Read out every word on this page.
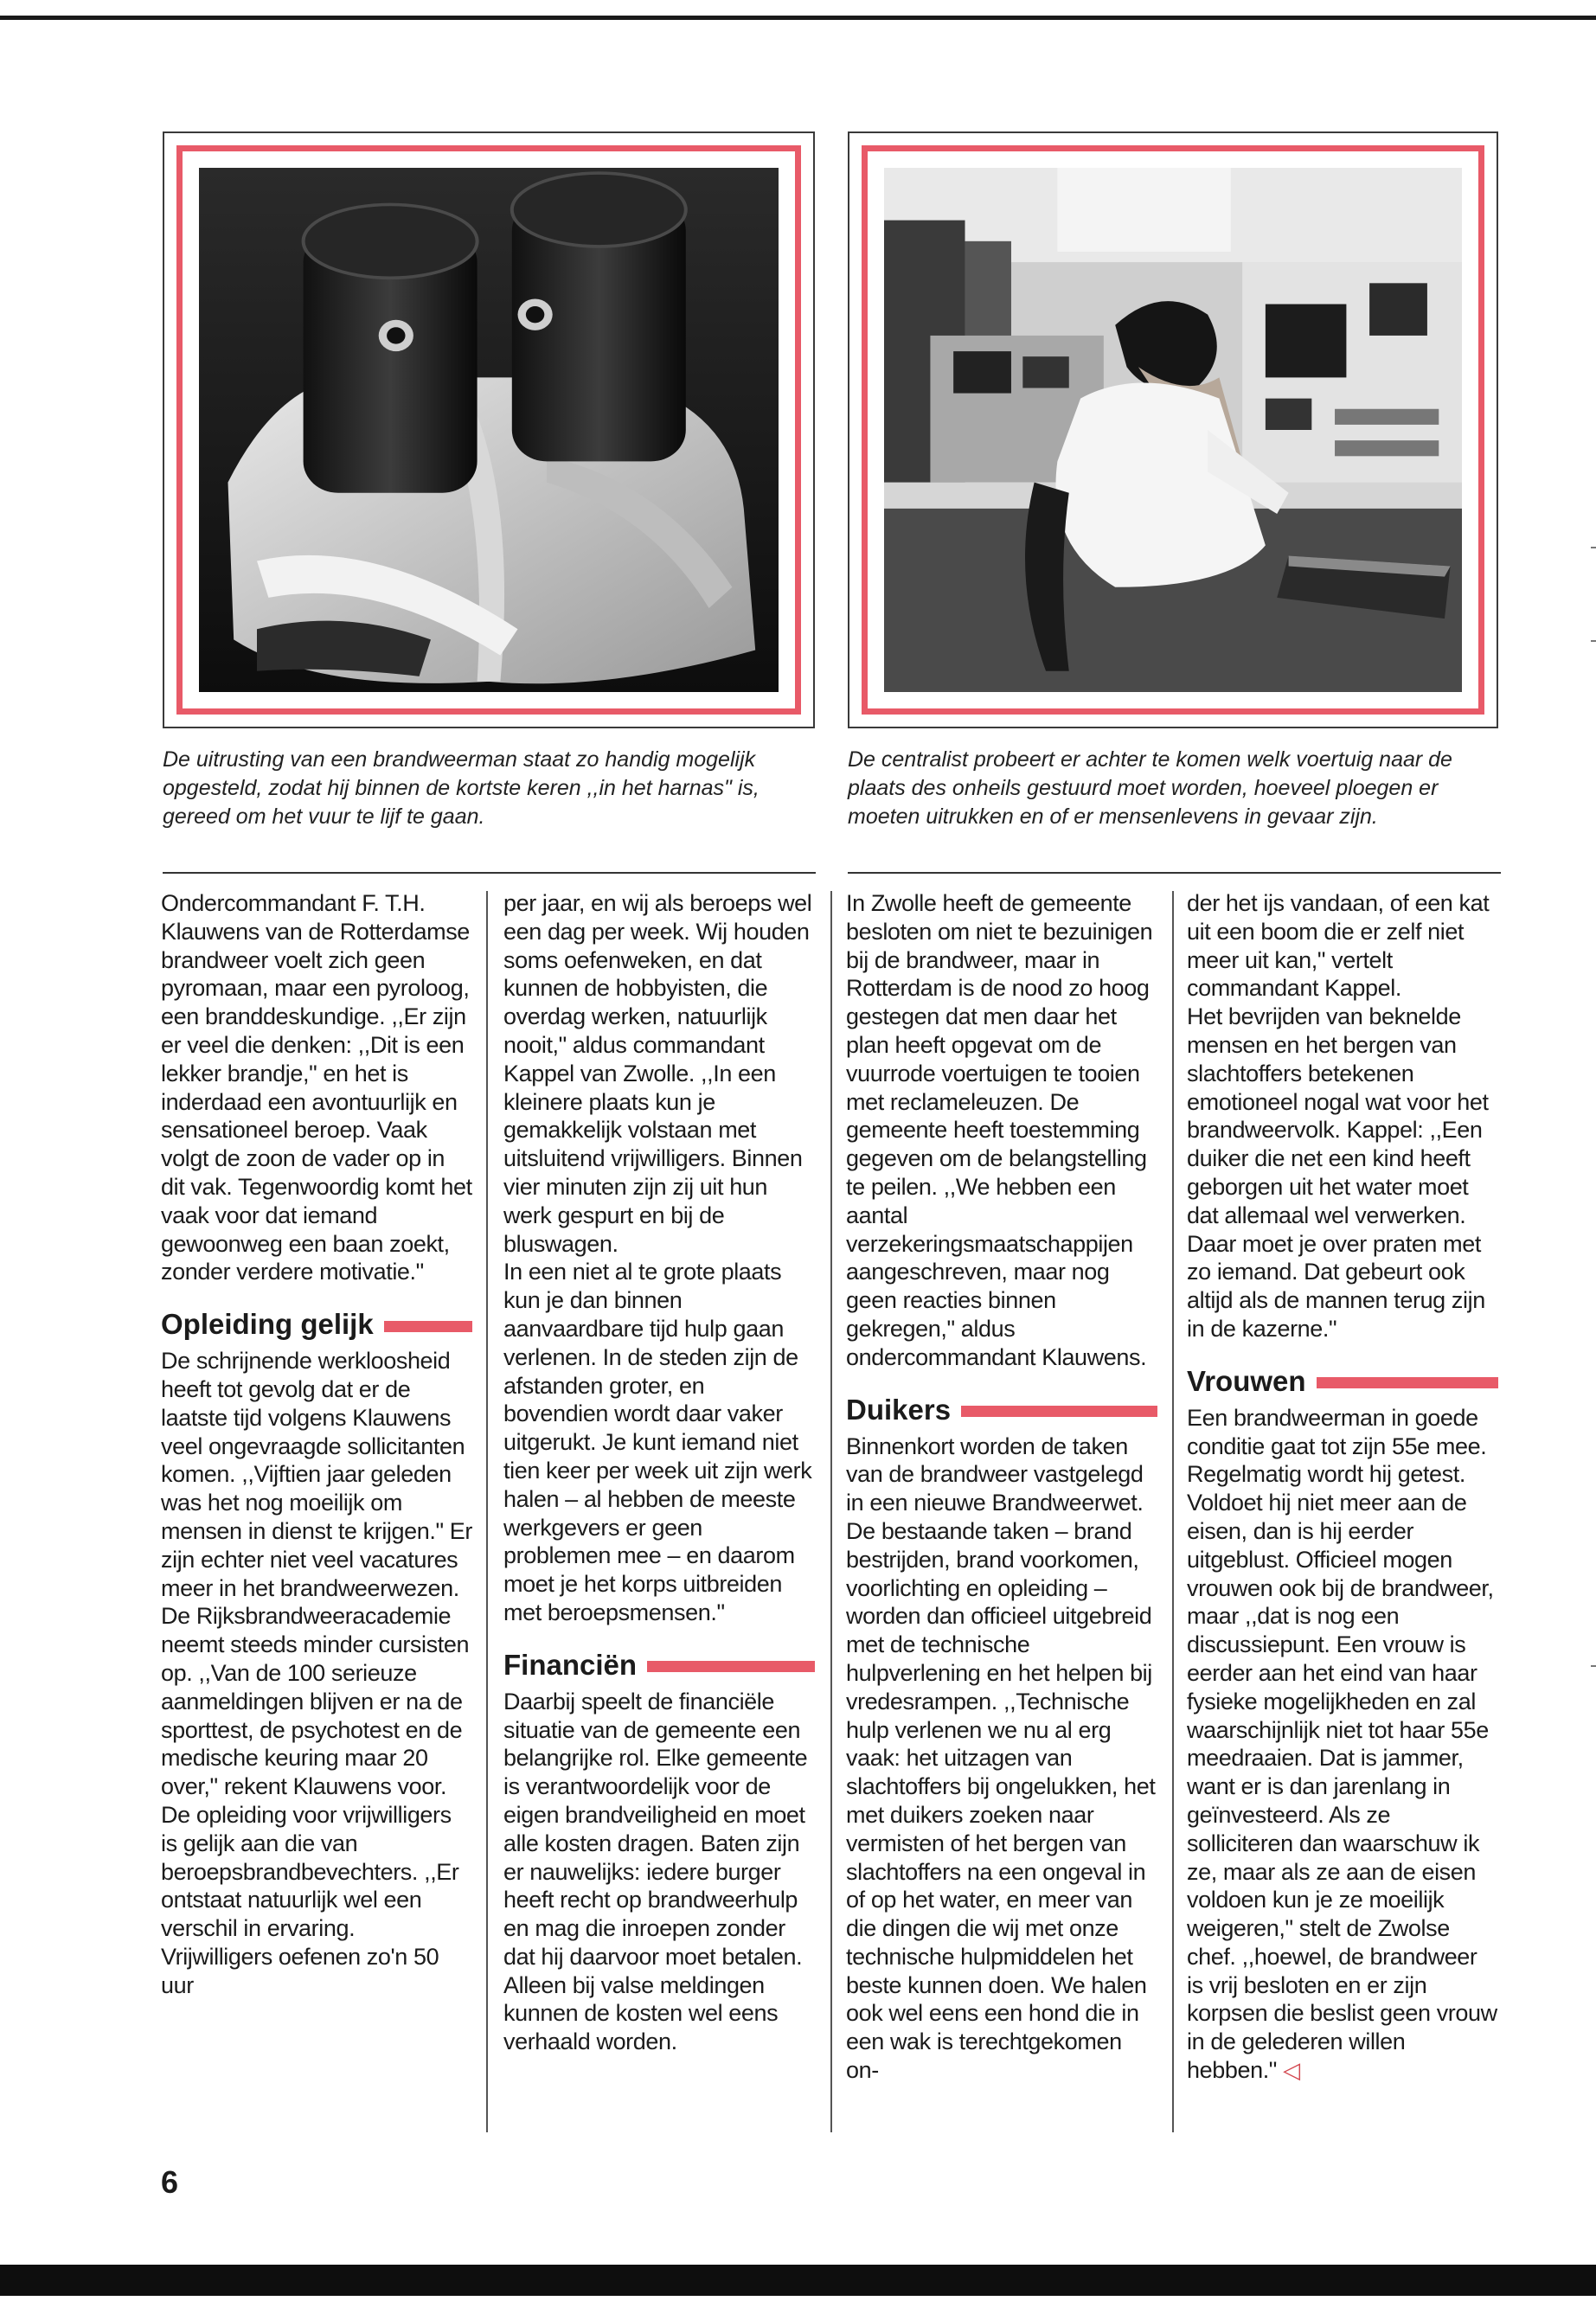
De uitrusting van een brandweerman staat zo handig mogelijk opgesteld, zodat hij binnen de kortste keren ,,in het harnas" is, gereed om het vuur te lijf te gaan.
De centralist probeert er achter te komen welk voertuig naar de plaats des onheils gestuurd moet worden, hoeveel ploegen er moeten uitrukken en of er mensenlevens in gevaar zijn.

Ondercommandant F. T.H. Klauwens van de Rotterdamse brandweer voelt zich geen pyromaan, maar een pyroloog, een branddeskundige. ,,Er zijn er veel die denken: ,,Dit is een lekker brandje," en het is inderdaad een avontuurlijk en sensationeel beroep. Vaak volgt de zoon de vader op in dit vak. Tegenwoordig komt het vaak voor dat iemand gewoonweg een baan zoekt, zonder verdere motivatie."

Opleiding gelijk

De schrijnende werkloosheid heeft tot gevolg dat er de laatste tijd volgens Klauwens veel ongevraagde sollicitanten komen. ,,Vijftien jaar geleden was het nog moeilijk om mensen in dienst te krijgen." Er zijn echter niet veel vacatures meer in het brandweerwezen. De Rijksbrandweeracademie neemt steeds minder cursisten op. ,,Van de 100 serieuze aanmeldingen blijven er na de sporttest, de psychotest en de medische keuring maar 20 over," rekent Klauwens voor.

De opleiding voor vrijwilligers is gelijk aan die van beroepsbrandbevechters. ,,Er ontstaat natuurlijk wel een verschil in ervaring. Vrijwilligers oefenen zo'n 50 uur

per jaar, en wij als beroeps wel een dag per week. Wij houden soms oefenweken, en dat kunnen de hobbyisten, die overdag werken, natuurlijk nooit," aldus commandant Kappel van Zwolle. ,,In een kleinere plaats kun je gemakkelijk volstaan met uitsluitend vrijwilligers. Binnen vier minuten zijn zij uit hun werk gespurt en bij de bluswagen.

In een niet al te grote plaats kun je dan binnen aanvaardbare tijd hulp gaan verlenen. In de steden zijn de afstanden groter, en bovendien wordt daar vaker uitgerukt. Je kunt iemand niet tien keer per week uit zijn werk halen – al hebben de meeste werkgevers er geen problemen mee – en daarom moet je het korps uitbreiden met beroepsmensen."

Financiën

Daarbij speelt de financiële situatie van de gemeente een belangrijke rol. Elke gemeente is verantwoordelijk voor de eigen brandveiligheid en moet alle kosten dragen. Baten zijn er nauwelijks: iedere burger heeft recht op brandweerhulp en mag die inroepen zonder dat hij daarvoor moet betalen. Alleen bij valse meldingen kunnen de kosten wel eens verhaald worden.

In Zwolle heeft de gemeente besloten om niet te bezuinigen bij de brandweer, maar in Rotterdam is de nood zo hoog gestegen dat men daar het plan heeft opgevat om de vuurrode voertuigen te tooien met reclameleuzen. De gemeente heeft toestemming gegeven om de belangstelling te peilen. ,,We hebben een aantal verzekeringsmaatschappijen aangeschreven, maar nog geen reacties binnen gekregen," aldus ondercommandant Klauwens.

Duikers

Binnenkort worden de taken van de brandweer vastgelegd in een nieuwe Brandweerwet. De bestaande taken – brand bestrijden, brand voorkomen, voorlichting en opleiding – worden dan officieel uitgebreid met de technische hulpverlening en het helpen bij vredesrampen. ,,Technische hulp verlenen we nu al erg vaak: het uitzagen van slachtoffers bij ongelukken, het met duikers zoeken naar vermisten of het bergen van slachtoffers na een ongeval in of op het water, en meer van die dingen die wij met onze technische hulpmiddelen het beste kunnen doen. We halen ook wel eens een hond die in een wak is terechtgekomen on-

der het ijs vandaan, of een kat uit een boom die er zelf niet meer uit kan," vertelt commandant Kappel.

Het bevrijden van beknelde mensen en het bergen van slachtoffers betekenen emotioneel nogal wat voor het brandweervolk. Kappel: ,,Een duiker die net een kind heeft geborgen uit het water moet dat allemaal wel verwerken. Daar moet je over praten met zo iemand. Dat gebeurt ook altijd als de mannen terug zijn in de kazerne."

Vrouwen

Een brandweerman in goede conditie gaat tot zijn 55e mee. Regelmatig wordt hij getest. Voldoet hij niet meer aan de eisen, dan is hij eerder uitgeblust. Officieel mogen vrouwen ook bij de brandweer, maar ,,dat is nog een discussiepunt. Een vrouw is eerder aan het eind van haar fysieke mogelijkheden en zal waarschijnlijk niet tot haar 55e meedraaien. Dat is jammer, want er is dan jarenlang in geïnvesteerd. Als ze solliciteren dan waarschuw ik ze, maar als ze aan de eisen voldoen kun je ze moeilijk weigeren," stelt de Zwolse chef. ,,hoewel, de brandweer is vrij besloten en er zijn korpsen die beslist geen vrouw in de gelederen willen hebben." ◁

6
